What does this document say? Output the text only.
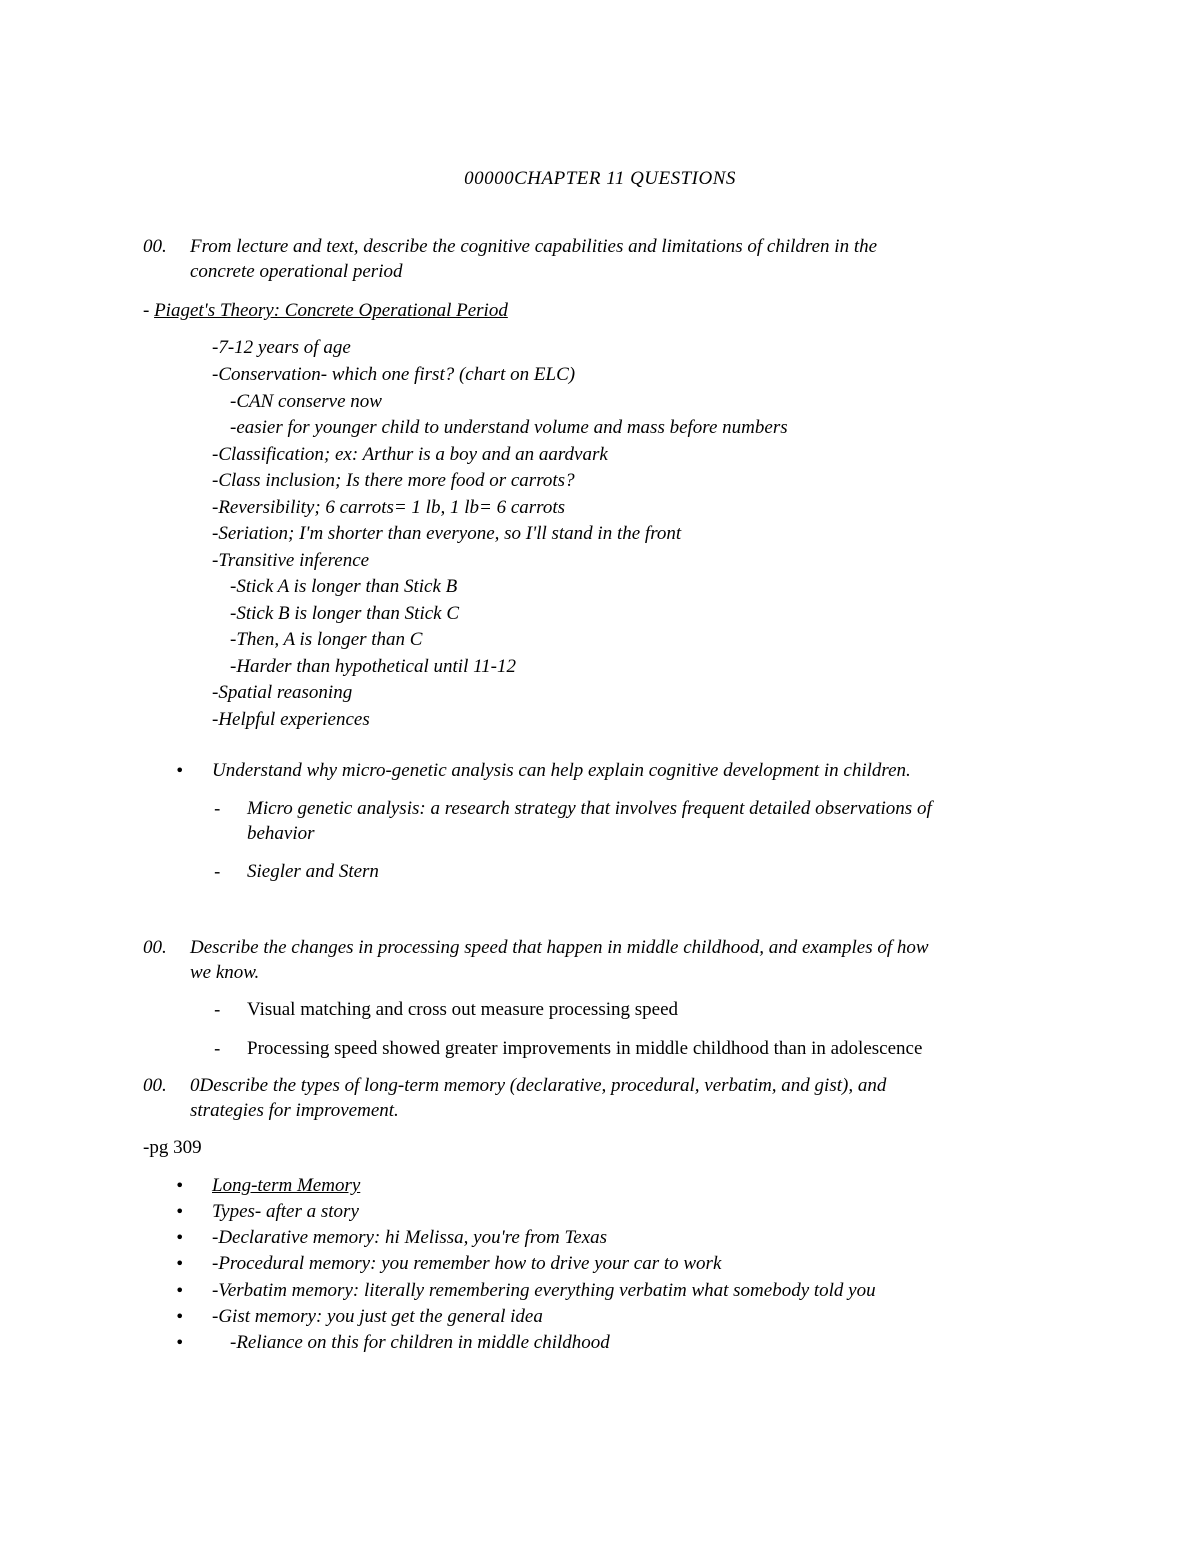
00000CHAPTER 11 QUESTIONS
00. From lecture and text, describe the cognitive capabilities and limitations of children in the
concrete operational period
- Piaget's Theory: Concrete Operational Period
-7-12 years of age
-Conservation- which one first? (chart on ELC)
-CAN conserve now
-easier for younger child to understand volume and mass before numbers
-Classification; ex: Arthur is a boy and an aardvark
-Class inclusion; Is there more food or carrots?
-Reversibility; 6 carrots= 1 lb, 1 lb= 6 carrots
-Seriation; I'm shorter than everyone, so I'll stand in the front
-Transitive inference
-Stick A is longer than Stick B
-Stick B is longer than Stick C
-Then, A is longer than C
-Harder than hypothetical until 11-12
-Spatial reasoning
-Helpful experiences
• Understand why micro-genetic analysis can help explain cognitive development in children.
- Micro genetic analysis: a research strategy that involves frequent detailed observations of
behavior
- Siegler and Stern
00. Describe the changes in processing speed that happen in middle childhood, and examples of how
we know.
- Visual matching and cross out measure processing speed
- Processing speed showed greater improvements in middle childhood than in adolescence
00. 0Describe the types of long-term memory (declarative, procedural, verbatim, and gist), and
strategies for improvement.
-pg 309
• Long-term Memory
• Types- after a story
• -Declarative memory: hi Melissa, you're from Texas
• -Procedural memory: you remember how to drive your car to work
• -Verbatim memory: literally remembering everything verbatim what somebody told you
• -Gist memory: you just get the general idea
• -Reliance on this for children in middle childhood
